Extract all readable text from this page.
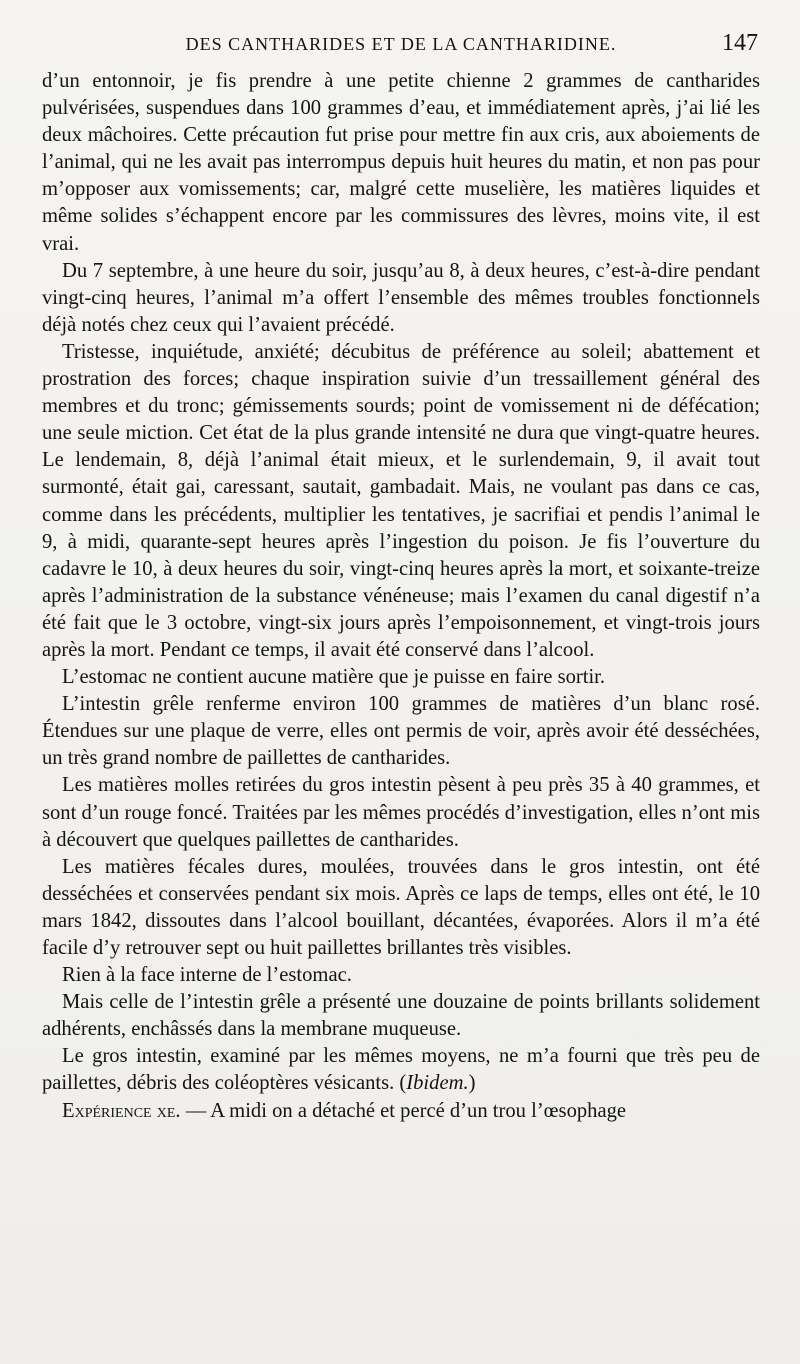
DES CANTHARIDES ET DE LA CANTHARIDINE.	147

d’un entonnoir, je fis prendre à une petite chienne 2 grammes de cantharides pulvérisées, suspendues dans 100 grammes d’eau, et immédiatement après, j’ai lié les deux mâchoires. Cette précaution fut prise pour mettre fin aux cris, aux aboiements de l’animal, qui ne les avait pas interrompus depuis huit heures du matin, et non pas pour m’opposer aux vomissements; car, malgré cette muselière, les matières liquides et même solides s’échappent encore par les commissures des lèvres, moins vite, il est vrai.

Du 7 septembre, à une heure du soir, jusqu’au 8, à deux heures, c’est-à-dire pendant vingt-cinq heures, l’animal m’a offert l’ensemble des mêmes troubles fonctionnels déjà notés chez ceux qui l’avaient précédé.

Tristesse, inquiétude, anxiété; décubitus de préférence au soleil; abattement et prostration des forces; chaque inspiration suivie d’un tressaillement général des membres et du tronc; gémissements sourds; point de vomissement ni de défécation; une seule miction. Cet état de la plus grande intensité ne dura que vingt-quatre heures. Le lendemain, 8, déjà l’animal était mieux, et le surlendemain, 9, il avait tout surmonté, était gai, caressant, sautait, gambadait. Mais, ne voulant pas dans ce cas, comme dans les précédents, multiplier les tentatives, je sacrifiai et pendis l’animal le 9, à midi, quarante-sept heures après l’ingestion du poison. Je fis l’ouverture du cadavre le 10, à deux heures du soir, vingt-cinq heures après la mort, et soixante-treize après l’administration de la substance vénéneuse; mais l’examen du canal digestif n’a été fait que le 3 octobre, vingt-six jours après l’empoisonnement, et vingt-trois jours après la mort. Pendant ce temps, il avait été conservé dans l’alcool.

L’estomac ne contient aucune matière que je puisse en faire sortir.

L’intestin grêle renferme environ 100 grammes de matières d’un blanc rosé. Étendues sur une plaque de verre, elles ont permis de voir, après avoir été desséchées, un très grand nombre de paillettes de cantharides.

Les matières molles retirées du gros intestin pèsent à peu près 35 à 40 grammes, et sont d’un rouge foncé. Traitées par les mêmes procédés d’investigation, elles n’ont mis à découvert que quelques paillettes de cantharides.

Les matières fécales dures, moulées, trouvées dans le gros intestin, ont été desséchées et conservées pendant six mois. Après ce laps de temps, elles ont été, le 10 mars 1842, dissoutes dans l’alcool bouillant, décantées, évaporées. Alors il m’a été facile d’y retrouver sept ou huit paillettes brillantes très visibles.

Rien à la face interne de l’estomac.

Mais celle de l’intestin grêle a présenté une douzaine de points brillants solidement adhérents, enchâssés dans la membrane muqueuse.

Le gros intestin, examiné par les mêmes moyens, ne m’a fourni que très peu de paillettes, débris des coléoptères vésicants. (Ibidem.)

Expérience xe. — A midi on a détaché et percé d’un trou l’œsophage
